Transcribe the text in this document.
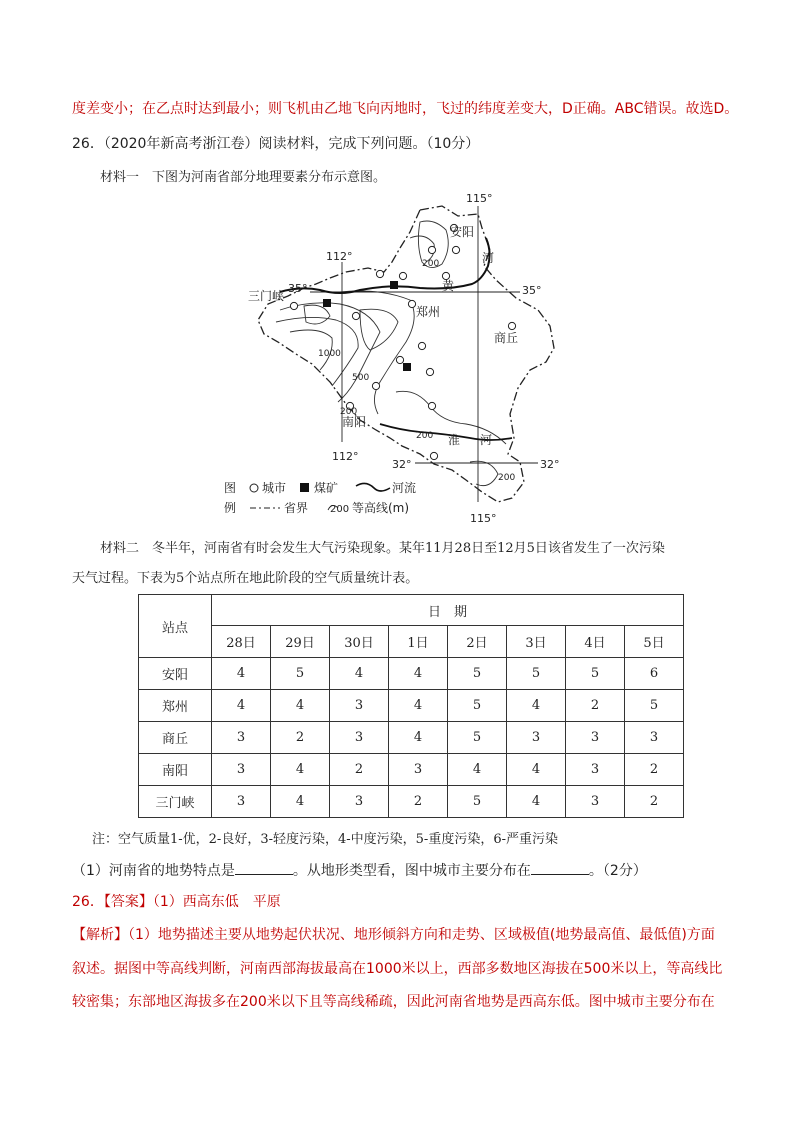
度差变小；在乙点时达到最小；则飞机由乙地飞向丙地时，飞过的纬度差变大，D正确。ABC错误。故选D。
26．（2020年新高考浙江卷）阅读材料，完成下列问题。（10分）
材料一　下图为河南省部分地理要素分布示意图。
115°
112°
112°
115°
35°	35°
32°	32°
安阳
郑州
商丘
南阳
三门峡
黄
河
淮 河
1000
500
200
200
200
200
图
例
城市 煤矿	河流
省界 200 等高线(m)
材料二　冬半年，河南省有时会发生大气污染现象。某年11月28日至12月5日该省发生了一次污染
天气过程。下表为5个站点所在地此阶段的空气质量统计表。
站点	日　期							
	28日	29日	30日	1日	2日	3日	4日	5日
安阳	4	5	4	4	5	5	5	6
郑州	4	4	3	4	5	4	2	5
商丘	3	2	3	4	5	3	3	3
南阳	3	4	2	3	4	4	3	2
三门峡	3	4	3	2	5	4	3	2
注：空气质量1-优，2-良好，3-轻度污染，4-中度污染，5-重度污染，6-严重污染
（1）河南省的地势特点是	。从地形类型看，图中城市主要分布在	。（2分）
26．【答案】（1）西高东低　平原
【解析】（1）地势描述主要从地势起伏状况、地形倾斜方向和走势、区域极值(地势最高值、最低值)方面
叙述。据图中等高线判断，河南西部海拔最高在1000米以上，西部多数地区海拔在500米以上，等高线比
较密集；东部地区海拔多在200米以下且等高线稀疏，因此河南省地势是西高东低。图中城市主要分布在
